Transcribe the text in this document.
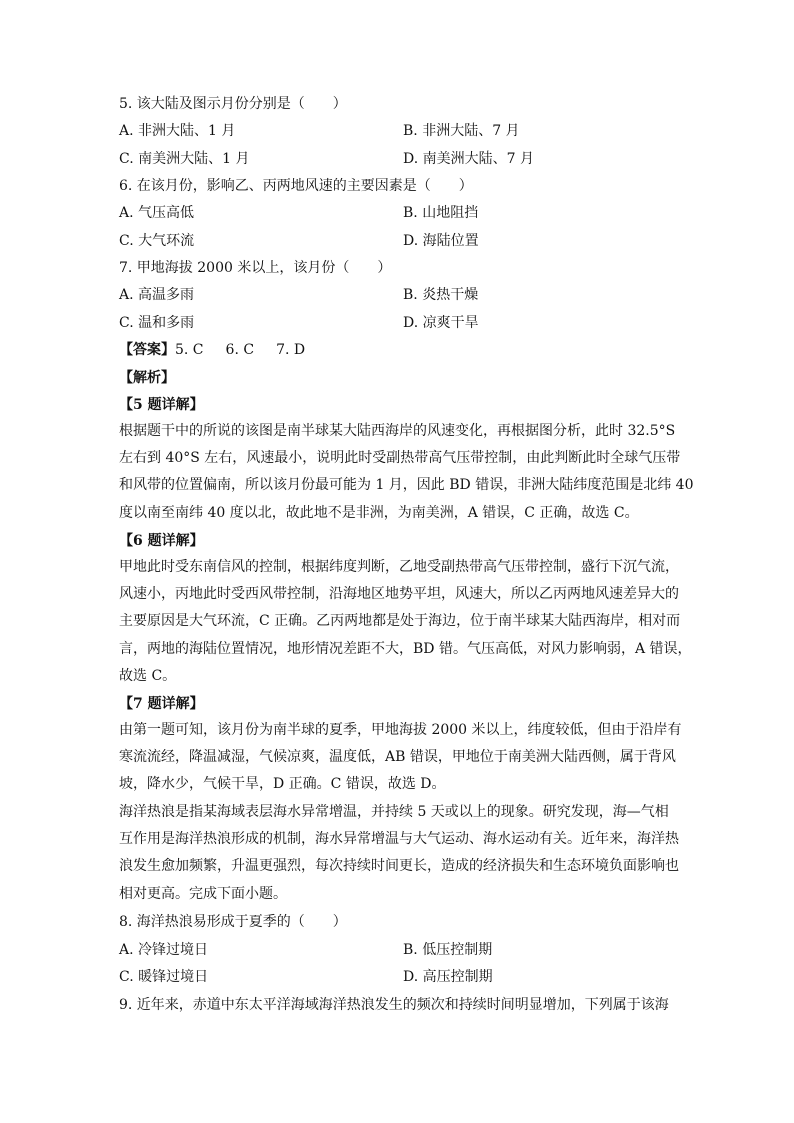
5. 该大陆及图示月份分别是（　　）
A. 非洲大陆、1 月	B. 非洲大陆、7 月
C. 南美洲大陆、1 月	D. 南美洲大陆、7 月
6. 在该月份，影响乙、丙两地风速的主要因素是（　　）
A. 气压高低	B. 山地阻挡
C. 大气环流	D. 海陆位置
7. 甲地海拔 2000 米以上，该月份（　　）
A. 高温多雨	B. 炎热干燥
C. 温和多雨	D. 凉爽干旱
【答案】5. C 6. C 7. D
【解析】
【5 题详解】
根据题干中的所说的该图是南半球某大陆西海岸的风速变化，再根据图分析，此时 32.5°S
左右到 40°S 左右，风速最小，说明此时受副热带高气压带控制，由此判断此时全球气压带
和风带的位置偏南，所以该月份最可能为 1 月，因此 BD 错误，非洲大陆纬度范围是北纬 40
度以南至南纬 40 度以北，故此地不是非洲，为南美洲，A 错误，C 正确，故选 C。
【6 题详解】
甲地此时受东南信风的控制，根据纬度判断，乙地受副热带高气压带控制，盛行下沉气流，
风速小，丙地此时受西风带控制，沿海地区地势平坦，风速大，所以乙丙两地风速差异大的
主要原因是大气环流，C 正确。乙丙两地都是处于海边，位于南半球某大陆西海岸，相对而
言，两地的海陆位置情况，地形情况差距不大，BD 错。气压高低，对风力影响弱，A 错误，
故选 C。
【7 题详解】
由第一题可知，该月份为南半球的夏季，甲地海拔 2000 米以上，纬度较低，但由于沿岸有
寒流流经，降温减湿，气候凉爽，温度低，AB 错误，甲地位于南美洲大陆西侧，属于背风
坡，降水少，气候干旱，D 正确。C 错误，故选 D。
海洋热浪是指某海域表层海水异常增温，并持续 5 天或以上的现象。研究发现，海—气相
互作用是海洋热浪形成的机制，海水异常增温与大气运动、海水运动有关。近年来，海洋热
浪发生愈加频繁，升温更强烈，每次持续时间更长，造成的经济损失和生态环境负面影响也
相对更高。完成下面小题。
8. 海洋热浪易形成于夏季的（　　）
A. 冷锋过境日	B. 低压控制期
C. 暖锋过境日	D. 高压控制期
9. 近年来，赤道中东太平洋海域海洋热浪发生的频次和持续时间明显增加，下列属于该海
